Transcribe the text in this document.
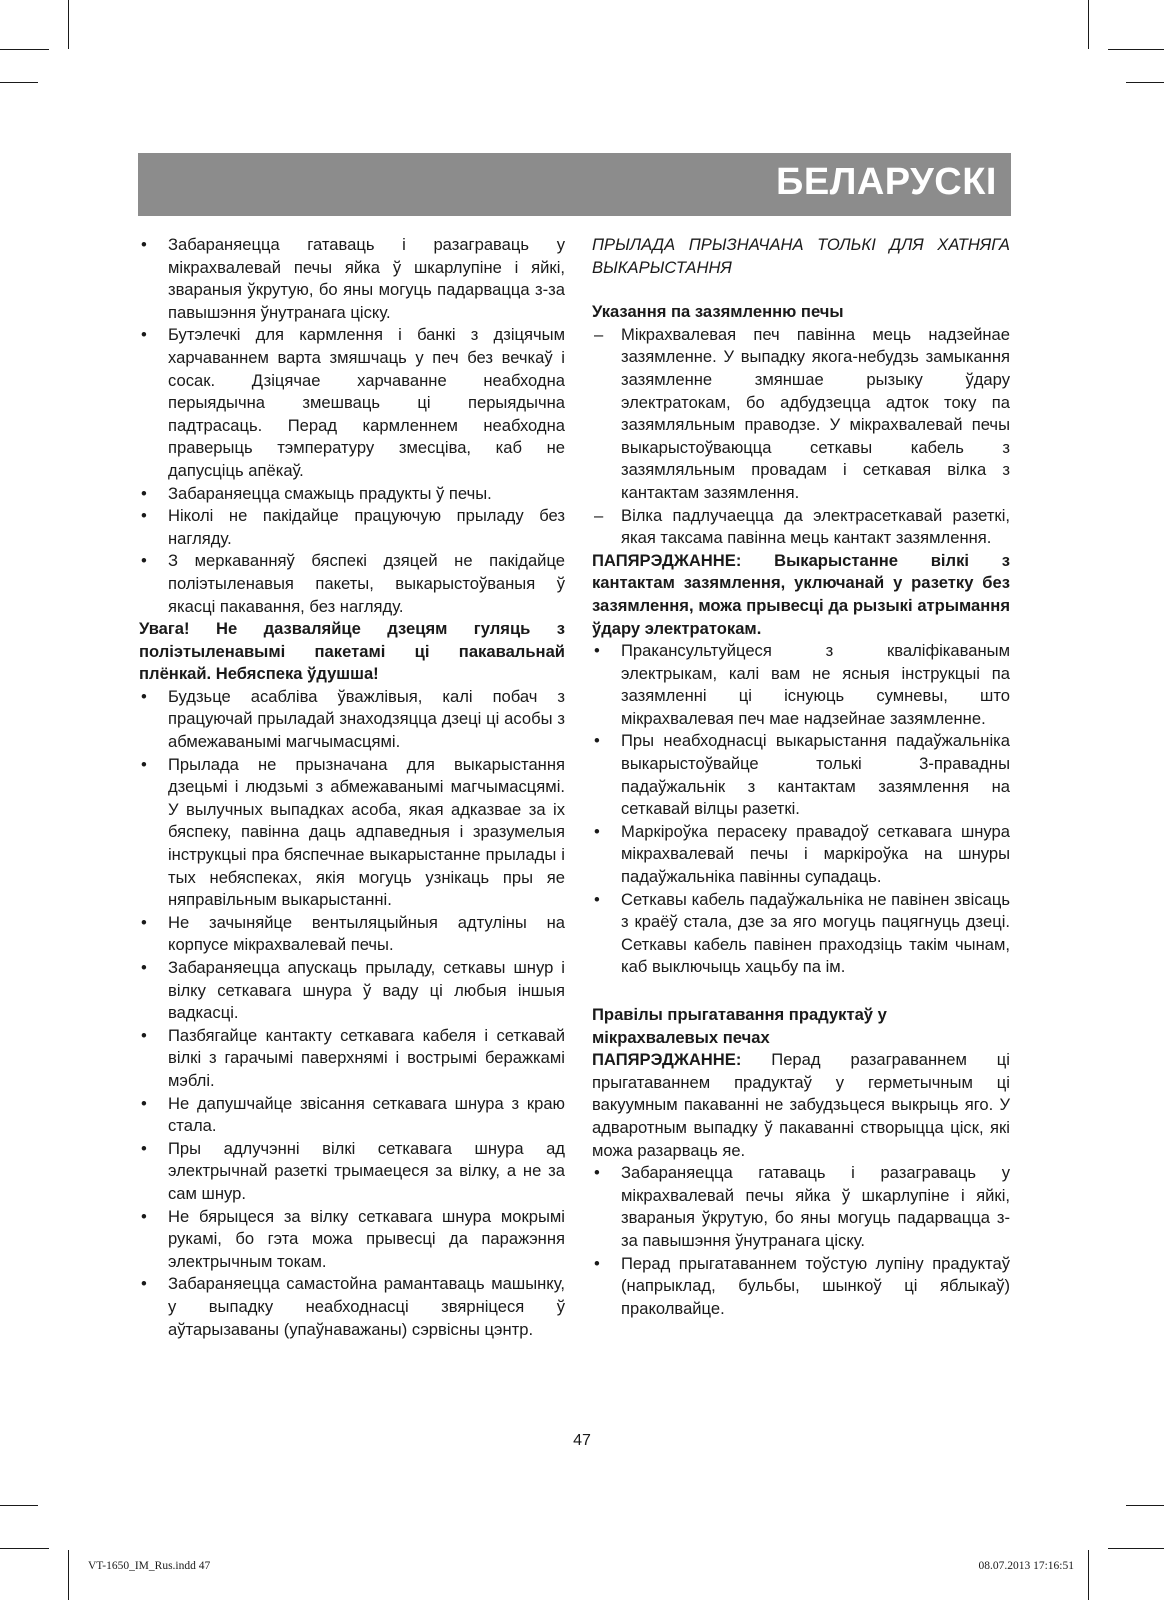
БЕЛАРУСКІ
• Забараняецца гатаваць і разаграваць у мікрахвалевай печы яйка ў шкарлупіне і яйкі, звараныя ўкрутую, бо яны могуць падарвацца з-за павышэння ўнутранага ціску.
• Бутэлечкі для кармлення і банкі з дзіцячым харчаваннем варта змяшчаць у печ без вечкаў і сосак. Дзіцячае харчаванне неабходна перыядычна змешваць ці перыядычна падтрасаць. Перад кармленнем неабходна праверыць тэмпературу змесціва, каб не дапусціць апёкаў.
• Забараняецца смажыць прадукты ў печы.
• Ніколі не пакідайце працуючую прыладу без нагляду.
• З меркаванняў бяспекі дзяцей не пакідайце поліэтыленавыя пакеты, выкарыстоўваныя ў якасці пакавання, без нагляду.

Увага! Не дазваляйце дзецям гуляць з поліэтыленавымі пакетамі ці пакавальнай плёнкай. Небяспека ўдушша!

• Будзьце асабліва ўважлівыя, калі побач з працуючай прыладай знаходзяцца дзеці ці асобы з абмежаванымі магчымасцямі.
• Прылада не прызначана для выкарыстання дзецьмі і людзьмі з абмежаванымі магчымасцямі. У вылучных выпадках асоба, якая адказвае за іх бяспеку, павінна даць адпаведныя і зразумелыя інструкцыі пра бяспечнае выкарыстанне прылады і тых небяспеках, якія могуць узнікаць пры яе няправільным выкарыстанні.
• Не зачыняйце вентыляцыйныя адтуліны на корпусе мікрахвалевай печы.
• Забараняецца апускаць прыладу, сеткавы шнур і вілку сеткавага шнура ў ваду ці любыя іншыя вадкасці.
• Пазбягайце кантакту сеткавага кабеля і сеткавай вілкі з гарачымі паверхнямі і вострымі беражкамі мэблі.
• Не дапушчайце звісання сеткавага шнура з краю стала.
• Пры адлучэнні вілкі сеткавага шнура ад электрычнай разеткі трымаецеся за вілку, а не за сам шнур.
• Не бярыцеся за вілку сеткавага шнура мокрымі рукамі, бо гэта можа прывесці да паражэння электрычным токам.
• Забараняецца самастойна рамантаваць машынку, у выпадку неабходнасці звярніцеся ў аўтарызаваны (упаўнаважаны) сэрвісны цэнтр.

ПРЫЛАДА ПРЫЗНАЧАНА ТОЛЬКІ ДЛЯ ХАТНЯГА ВЫКАРЫСТАННЯ

Указання па зазямленню печы

– Мікрахвалевая печ павінна мець надзейнае зазямленне. У выпадку якога-небудзь замыкання зазямленне змяншае рызыку ўдару электратокам, бо адбудзецца адток току па зазямляльным праводзе. У мікрахвалевай печы выкарыстоўваюцца сеткавы кабель з зазямляльным провадам і сеткавая вілка з кантактам зазямлення.
– Вілка падлучаецца да электрасеткавай разеткі, якая таксама павінна мець кантакт зазямлення.

ПАПЯРЭДЖАННЕ: Выкарыстанне вілкі з кантактам зазямлення, уключанай у разетку без зазямлення, можа прывесці да рызыкі атрымання ўдару электратокам.

• Пракансультуйцеся з кваліфікаваным электрыкам, калі вам не ясныя інструкцыі па зазямленні ці існуюць сумневы, што мікрахвалевая печ мае надзейнае зазямленне.
• Пры неабходнасці выкарыстання падаўжальніка выкарыстоўвайце толькі 3-правадны падаўжальнік з кантактам зазямлення на сеткавай вілцы разеткі.
• Маркіроўка перасеку правадоў сеткавага шнура мікрахвалевай печы і маркіроўка на шнуры падаўжальніка павінны супадаць.
• Сеткавы кабель падаўжальніка не павінен звісаць з краёў стала, дзе за яго могуць пацягнуць дзеці. Сеткавы кабель павінен праходзіць такім чынам, каб выключыць хацьбу па ім.

Правілы прыгатавання прадуктаў у мікрахвалевых печах

ПАПЯРЭДЖАННЕ: Перад разаграваннем ці прыгатаваннем прадуктаў у герметычным ці вакуумным пакаванні не забудзьцеся выкрыць яго. У адваротным выпадку ў пакаванні створыцца ціск, які можа разарваць яе.

• Забараняецца гатаваць і разаграваць у мікрахвалевай печы яйка ў шкарлупіне і яйкі, звараныя ўкрутую, бо яны могуць падарвацца з-за павышэння ўнутранага ціску.
• Перад прыгатаваннем тоўстую лупіну прадуктаў (напрыклад, бульбы, шынкоў ці яблыкаў) праколвайце.
47
VT-1650_IM_Rus.indd 47	08.07.2013 17:16:51
